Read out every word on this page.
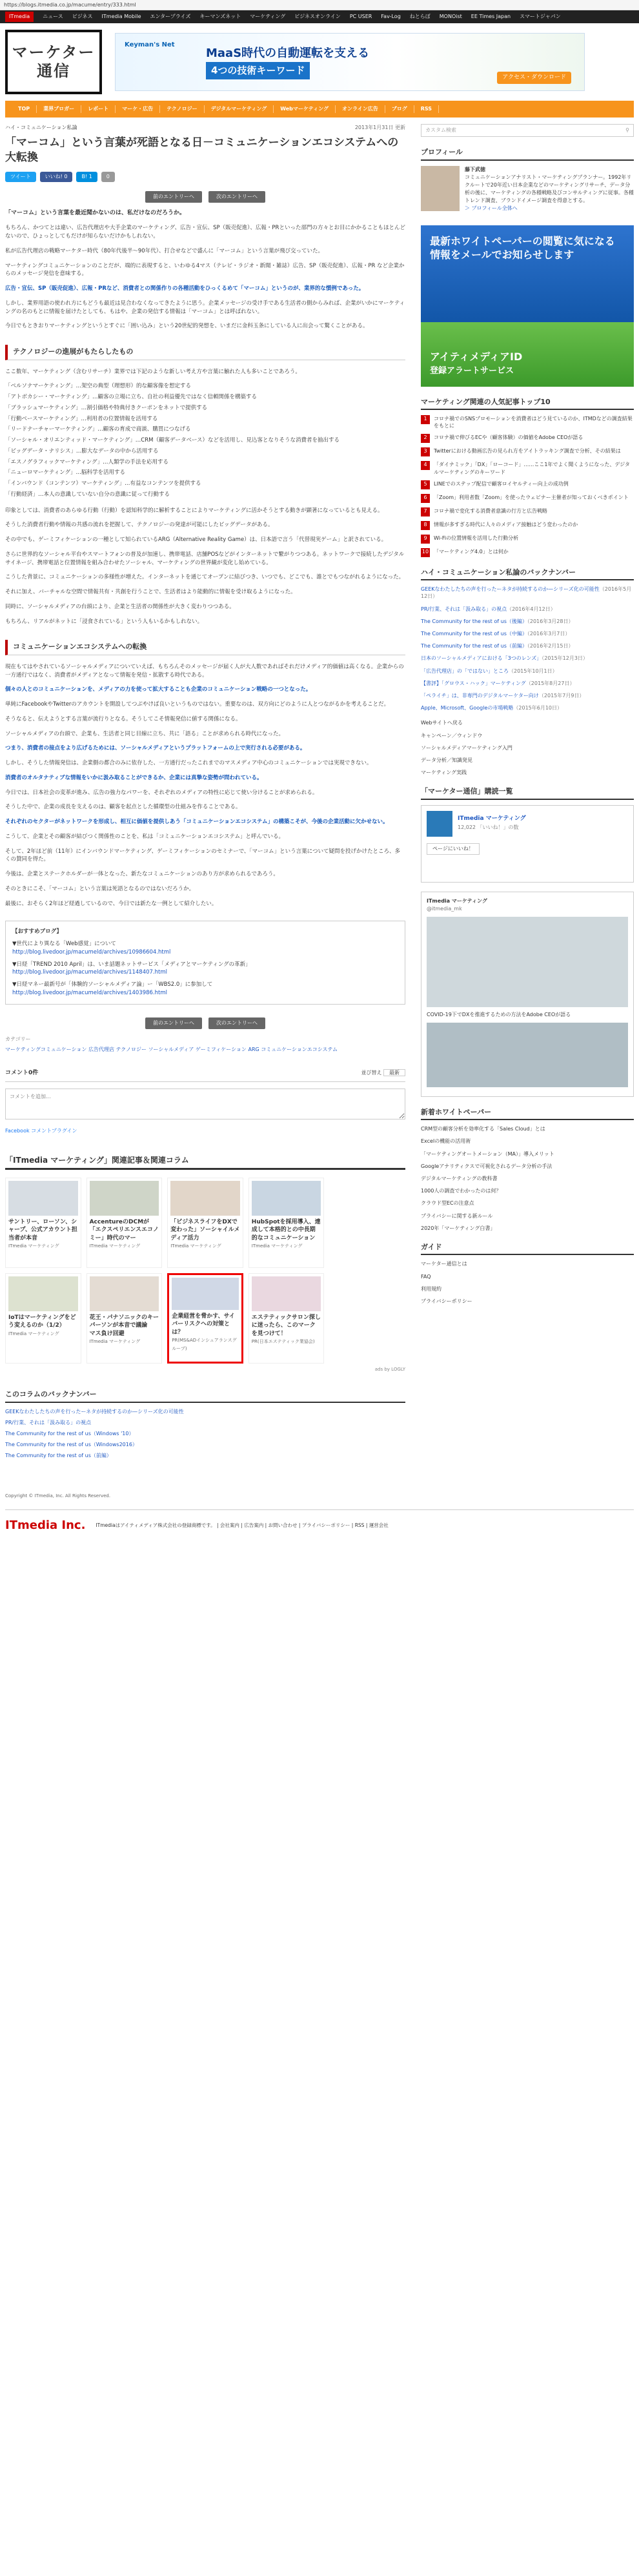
https://blogs.itmedia.co.jp/macume/entry/333.html
ITmedia	ニュース ビジネス ITmedia Mobile エンタープライズ キーマンズネット マーケティング ビジネスオンライン PC USER Fav-Log ねとらぼ MONOist EE Times Japan スマートジャパン
マーケター
通信
Keyman's Net
MaaS時代の自動運転を支える
4つの技術キーワード
アクセス・ダウンロード
TOP	業界ブロガー	レポート	マーケ・広告	テクノロジー	デジタルマーケティング	Webマーケティング	オンライン広告	ブログ	RSS
ハイ・コミュニケーション私論	2013年1月31日 更新
「マーコム」という言葉が死語となる日－コミュニケーションエコシステムへの大転換
ツイート	いいね! 0	B! 1	0
前のエントリーへ	次のエントリーへ

「マーコム」という言葉を最近聞かないのは、私だけなのだろうか。

もちろん、かつてとは違い、広告代理店や大手企業のマーケティング、広告・宣伝、SP（販売促進）、広報・PRといった部門の方々とお目にかかることもほとんどないので、ひょっとしてもだけが知らないだけかもしれない。

私が広告代理店の戦略マーケター時代（80年代後半～90年代）、打合せなどで盛んに「マーコム」という言葉が飛び交っていた。

マーケティングコミュニケーションのことだが、端的に表現すると、いわゆる4マス（テレビ・ラジオ・新聞・雑誌）広告、SP（販売促進）、広報・PR など企業からのメッセージ発信を意味する。

広告・宣伝、SP（販売促進）、広報・PRなど、消費者との関係作りの各種活動をひっくるめて「マーコム」というのが、業界的な慣例であった。

しかし、業界用語の使われ方にもどうも最近は見合わなくなってきたように思う。企業メッセージの受け手である生活者の側からみれば、企業がいかにマーケティングの名のもとに情報を届けたとしても、もはや、企業の発信する情報は「マーコム」とは呼ばれない。

今日でもときおりマーケティングというとすぐに「囲い込み」という20世紀的発想を、いまだに金科玉条にしている人に出会って驚くことがある。

テクノロジーの進展がもたらしたもの

ここ数年、マーケティング（含むリサーチ）業界では下記のような新しい考え方や言葉に触れた人も多いことであろう。

「ペルソナマーケティング」…架空の典型（理想形）的な顧客像を想定する
「アトボカシー・マーケティング」…顧客の立場に立ち、自社の利益優先ではなく信頼関係を構築する
「ブラッシュマーケティング」…割引価格や特典付きクーポンをネットで提供する
「行動ベースマーケティング」…利用者の位置情報を活用する
「リードナーチャーマーケティング」…顧客の育成で商談、購買につなげる
「ソーシャル・オリエンティッド・マーケティング」…CRM（顧客データベース）などを活用し、見込客となりそうな消費者を抽出する
「ビッグデータ・ナリシス」…膨大なデータの中から活用する
「エスノグラフィックマーケティング」…人類学の手法を応用する
「ニューロマーケティング」…脳科学を活用する
「インバウンド（コンテンツ）マーケティング」…有益なコンテンツを提供する
「行動経済」…本人の意識していない自分の意識に従って行動する

印象としては、消費者のあらゆる行動（行動）を認知科学的に解析することによりマーケティングに活かそうとする動きが顕著になっているとも見える。

そうした消費者行動や情報の共感の流れを把握して、テクノロジーの発達が可能にしたビッグデータがある。

その中でも、ゲーミフィケーションの一種として知られているARG（Alternative Reality Game）は、日本語で言う「代替現実ゲーム」と訳されている。

さらに世界的なソーシャル平台やスマートフォンの普及が加速し、携帯電話、店舗POSなどがインターネットで繋がりつつある。ネットワークで接続したデジタルサイネージ、携帯電話と位置情報を組み合わせたソーシャル、マーケティングの世界観が変化し始めている。

こうした背景に、コミュニケーションの多様性が増えた。インターネットを通じてオープンに結びつき、いつでも、どこでも、誰とでもつながれるようになった。

それに加え、バーチャルな空間で情報共有・共創を行うことで、生活者はより能動的に情報を受け取るようになった。

同時に、ソーシャルメディアの台頭により、企業と生活者の関係性が大きく変わりつつある。

もちろん、リアルがネットに「浸食されている」という人もいるかもしれない。

コミュニケーションエコシステムへの転換

現在もてはやされているソーシャルメディアについていえば、もちろんそのメッセージが届く人が大人数であればそれだけメディア的価値は高くなる。企業からの一方通行ではなく、消費者がメディアとなって情報を発信・拡散する時代である。

個々の人とのコミュニケーションを、メディアの力を使って拡大することも企業のコミュニケーション戦略の一つとなった。

単純にFacebookやTwitterのアカウントを開設してつぶやけば良いというものではない。重要なのは、双方向にどのように人とつながるかを考えることだ。

そうなると、伝えようとする言葉が流行りとなる。そうしてこそ情報発信に値する関係になる。

ソーシャルメディアの台頭で、企業も、生活者と同じ目線に立ち、共に「語る」ことが求められる時代になった。

つまり、消費者の接点をより広げるためには、ソーシャルメディアというプラットフォームの上で実行される必要がある。

しかし、そうした情報発信は、企業側の都合のみに依存した、一方通行だったこれまでのマスメディア中心のコミュニケーションでは実現できない。

消費者のオルタナティブな情報をいかに汲み取ることができるか、企業には真摯な姿勢が問われている。

今日では、日本社会の変革が進み、広告の強力なパワーを、それぞれのメディアの特性に応じて使い分けることが求められる。

そうした中で、企業の成長を支えるのは、顧客を起点とした循環型の仕組みを作ることである。

それぞれのセクターがネットワークを形成し、相互に価値を提供しあう「コミュニケーションエコシステム」の構築こそが、今後の企業活動に欠かせない。

こうして、企業とその顧客が結びつく関係性のことを、私は「コミュニケーションエコシステム」と呼んでいる。

そして、2年ほど前（11年）にインバウンドマーケティング、ゲーミフィケーションのセミナーで、「マーコム」という言葉について疑問を投げかけたところ、多くの賛同を得た。

今後は、企業とステークホルダーが一体となった、新たなコミュニケーションのあり方が求められるであろう。

そのときにこそ、「マーコム」という言葉は死語となるのではないだろうか。

最後に、おそらく2年ほど経過しているので、今日では新たな一例として紹介したい。

【おすすめブログ】
▼世代により異なる「Web感覚」について
http://blog.livedoor.jp/macumeld/archives/10986604.html
▼日経「TREND 2010 April」は、いま話題ネットサービス「メディアとマーケティングの革新」
http://blog.livedoor.jp/macumeld/archives/1148407.html
▼日経マネー最新号が「体験的ソーシャルメディア論」ー「WBS2.0」に参加して
http://blog.livedoor.jp/macumeld/archives/1403986.html
前のエントリーへ	次のエントリーへ
カテゴリー
マーケティングコミュニケーション 広告代理店 テクノロジー ソーシャルメディア ゲーミフィケーション ARG コミュニケーションエコシステム
コメント0件	並び替え 最新
コメントを追加...
Facebook コメントプラグイン
「ITmedia マーケティング」関連記事＆関連コラム
サントリー、ローソン、シャープ、公式アカウント担当者が本音
ITmedia マーケティング
AccentureのDCMが「エクスペリエンスエコノミー」時代のマー
ITmedia マーケティング
「ビジネスライフをDXで変わった」ソーシャイルメディア活力
ITmedia マーケティング
HubSpotを採用導入、達成して本格的との中長期的なコミュニケーション
ITmedia マーケティング
IoTはマーケティングをどう変えるのか（1/2）
ITmedia マーケティング
花王・パナソニックのキーパーソンが本音で議論　マス負け回避
ITmedia マーケティング
企業経営を脅かす、サイバーリスクへの対策とは？
PR(MS&ADインシュアランスグループ)
エステティックサロン探しに迷ったら、このマークを見つけて！
PR(日本エステティック業協会)
ads by LOGLY
このコラムのバックナンバー
GEEKなわたしたちの声を行ったーネタが持続するのか—シリーズ化の可能性
PR/行業、それは「汲み取る」の視点
The Community for the rest of us（Windows '10）
The Community for the rest of us（Windows2016）
The Community for the rest of us（前編）
カスタム検索	⚲
プロフィール
藤下武徳
コミュニケーションアナリスト・マーケティングプランナー。1992年リクルートで20年近い日本企業などのマーケティングリサーチ、データ分析の後に、マーケティングの各種戦略及びコンサルティングに従事。各種トレンド調査、ブランドイメージ調査を得意とする。
＞ プロフィール全体へ
最新ホワイトペーパーの閲覧に気になる情報をメールでお知らせします
アイティメディアID
登録アラートサービス
マーケティング関連の人気記事トップ10
1	コロナ禍でのSNSプロモーションを消費者はどう見ているのか、ITMDなどの調査結果をもとに
2	コロナ禍で伸びるECや（顧客体験）の価値をAdobe CEOが語る
3	Twitterにおける動画広告の見られ方をアイトラッキング調査で分析、その結果は
4	「ダイナミック」「DX」「ローコード」……ここ1年でよく聞くようになった、デジタルマーケティングのキーワード
5	LINEでのステップ配信で顧客ロイヤルティー向上の成功例
6	「Zoom」利用者数「Zoom」を使ったウェビナー主催者が知っておくべきポイント
7	コロナ禍で変化する消費者意識の行方と広告戦略
8	情報が多すぎる時代に人々のメディア接触はどう変わったのか
9	Wi-Fiの位置情報を活用した行動分析
10 「マーケティング4.0」とは何か
ハイ・コミュニケーション私論のバックナンバー
GEEKなわたしたちの声を行ったーネタが持続するのか—シリーズ化の可能性（2016年5月12日）
PR/行業、それは「汲み取る」の視点（2016年4月12日）
The Community for the rest of us（後編）（2016年3月28日）
The Community for the rest of us（中編）（2016年3月7日）
The Community for the rest of us（前編）（2016年2月15日）
日本のソーシャルメディアにおける「3つのレンズ」（2015年12月3日）
「広告代理店」の「ではない」ところ（2015年10月1日）
【書評】「グロウス・ハック」マーケティング（2015年8月27日）
「ペライチ」は、非専門のデジタルマーケター向け（2015年7月9日）
Apple、Microsoft、Googleの市場戦略（2015年6月10日）
Webサイトへ戻る
キャンペーン／ウィンドウ
ソーシャルメディアマーケティング入門
データ分析／知識発見
マーケティング実践
「マーケター通信」購読一覧
ITmedia マーケティング
12,022 「いいね！」の数
ページにいいね！
ITmedia マーケティング
@itmedia_mk
COVID-19下でDXを推進するための方法をAdobe CEOが語る
新着ホワイトペーパー
CRM型の顧客分析を効率化する「Sales Cloud」とは
Excelの機能の活用術
「マーケティングオートメーション（MA）」導入メリット
Googleアナリティクスで可視化されるデータ分析の手法
デジタルマーケティングの教科書
1000人の調査でわかったのは何？
クラウド型ECの注意点
プライバシーに関する新ルール
2020年「マーケティング白書」
ガイド
マーケター通信とは
FAQ
利用規約
プライバシーポリシー
Copyright © ITmedia, Inc. All Rights Reserved.
ITmedia Inc. ITmediaはアイティメディア株式会社の登録商標です。 | 会社案内 | 広告案内 | お問い合わせ | プライバシーポリシー | RSS | 運営会社
